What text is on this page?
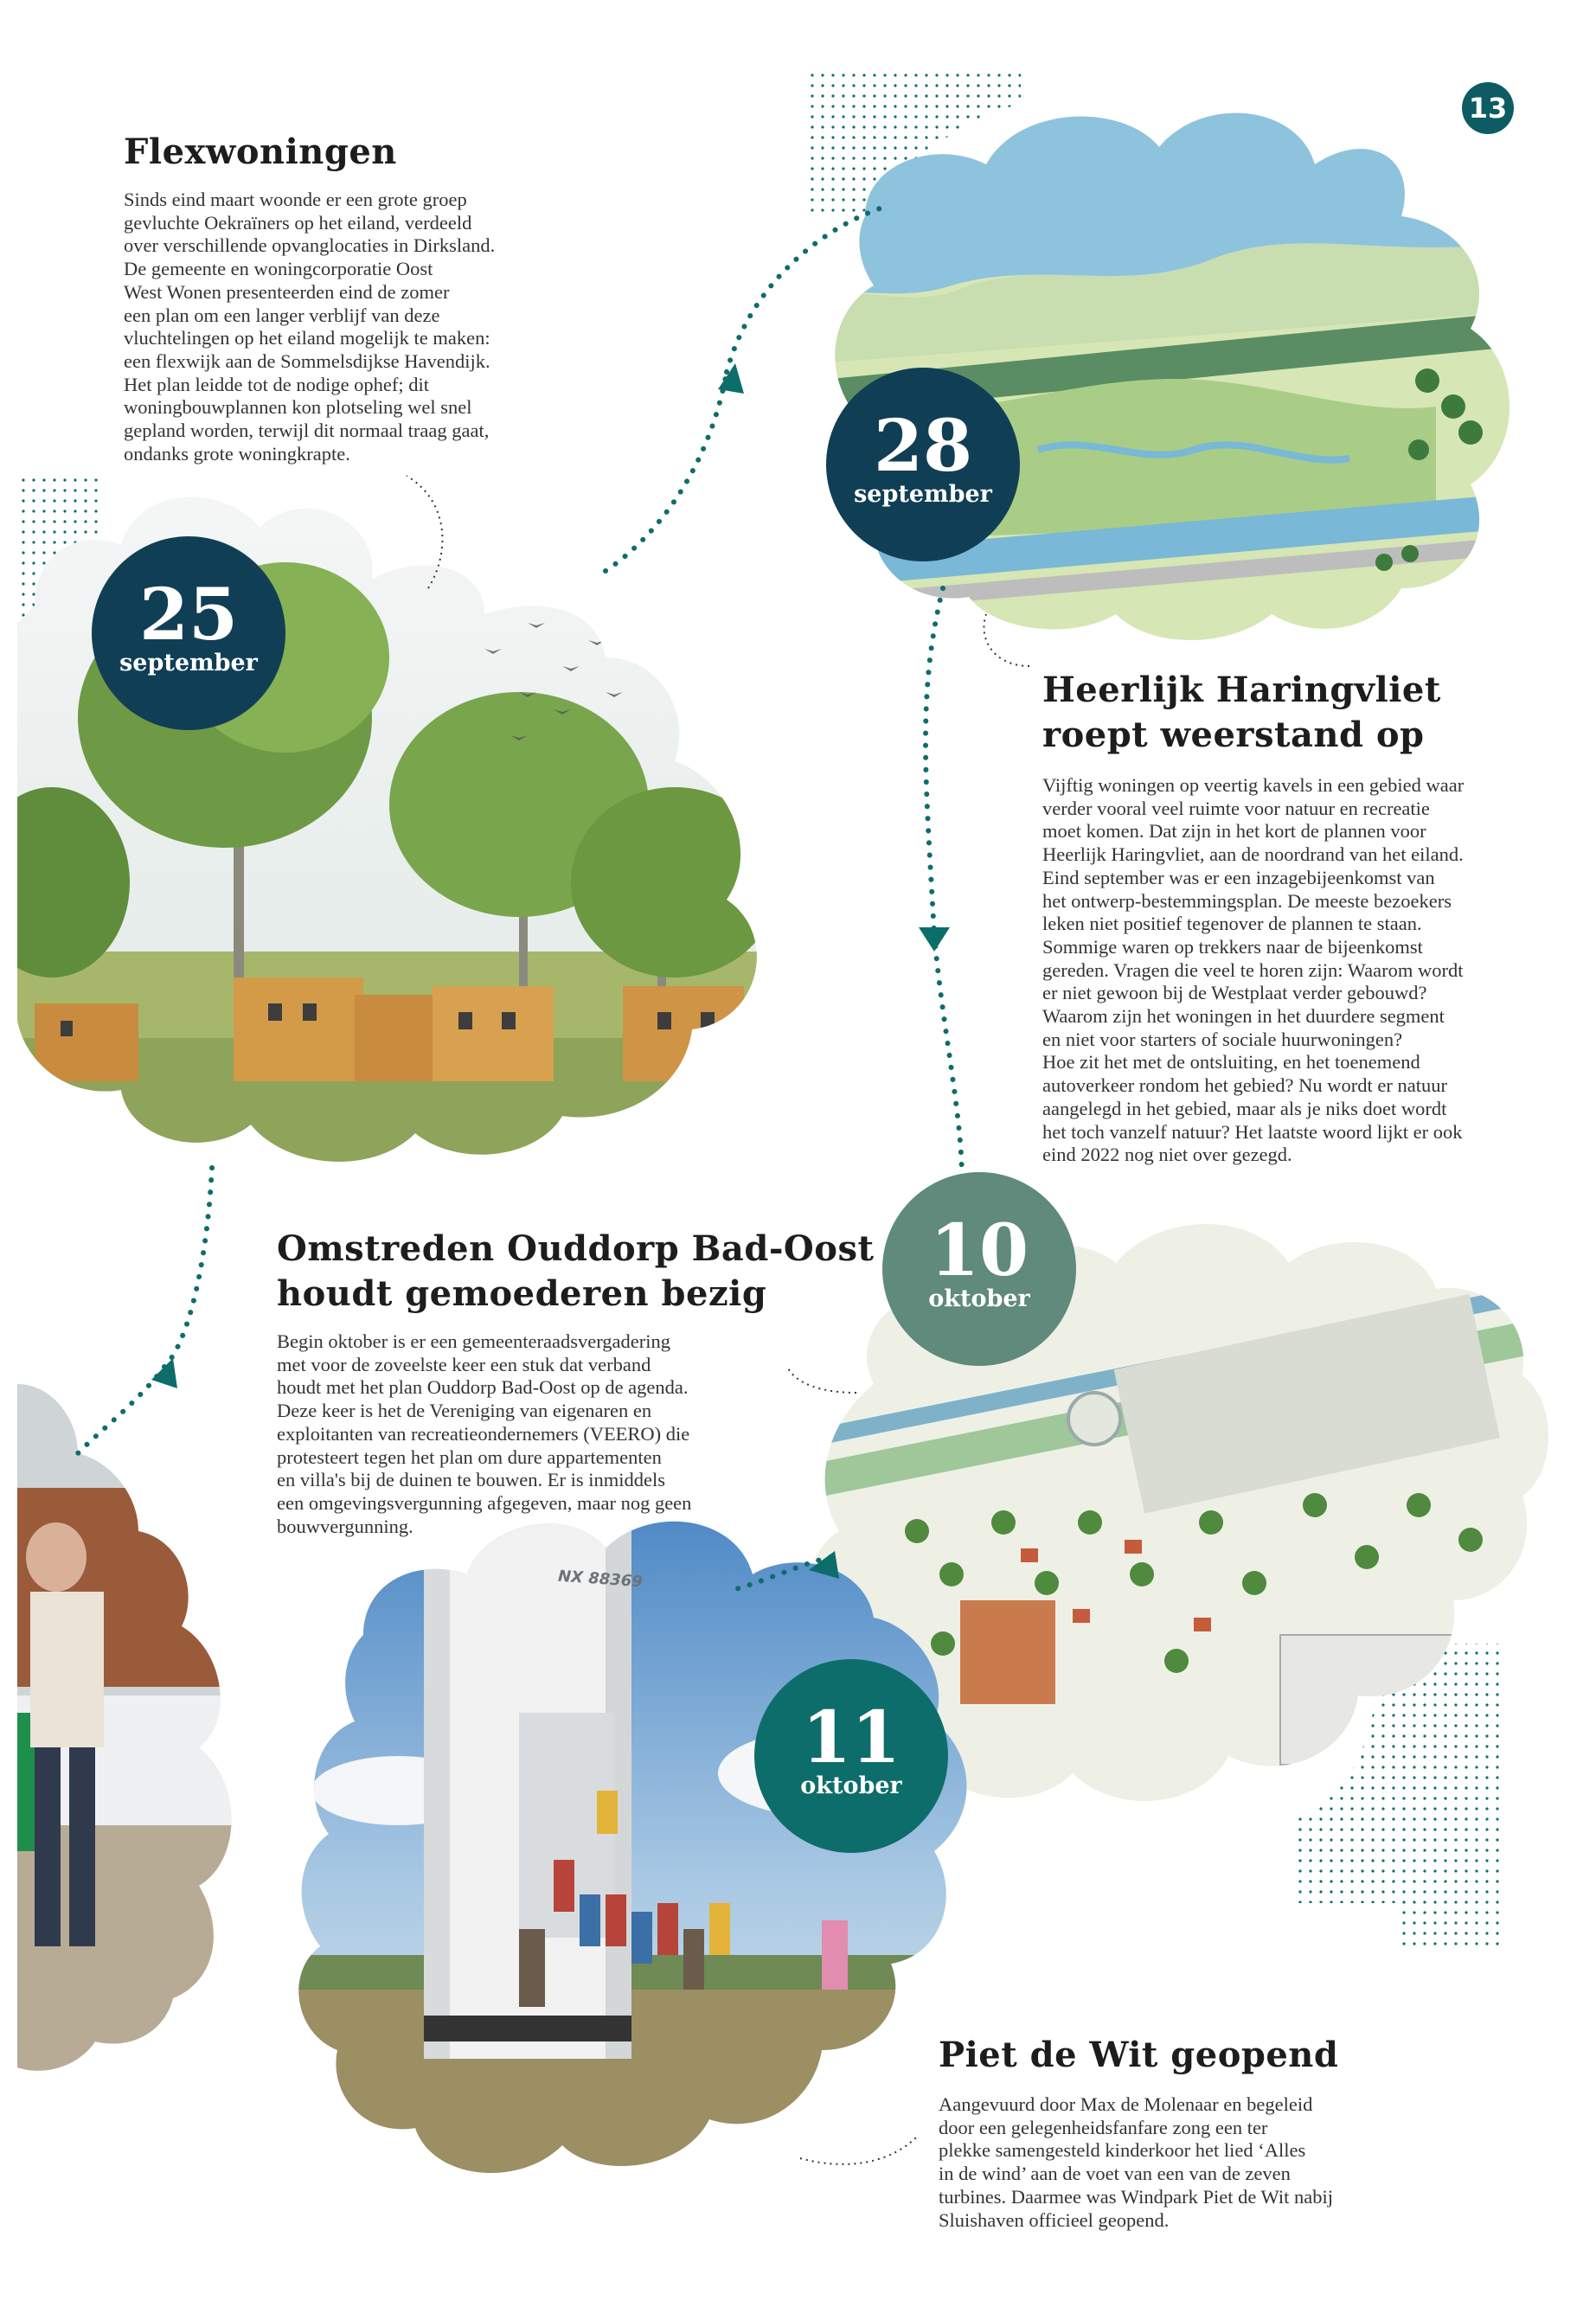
13
Flexwoningen
Sinds eind maart woonde er een grote groep
gevluchte Oekraïners op het eiland, verdeeld
over verschillende opvanglocaties in Dirksland.
De gemeente en woningcorporatie Oost
West Wonen presenteerden eind de zomer
een plan om een langer verblijf van deze
vluchtelingen op het eiland mogelijk te maken:
een flexwijk aan de Sommelsdijkse Havendijk.
Het plan leidde tot de nodige ophef; dit
woningbouwplannen kon plotseling wel snel
gepland worden, terwijl dit normaal traag gaat,
ondanks grote woningkrapte.
25
september
28
september
Heerlijk Haringvliet
roept weerstand op
Vijftig woningen op veertig kavels in een gebied waar
verder vooral veel ruimte voor natuur en recreatie
moet komen. Dat zijn in het kort de plannen voor
Heerlijk Haringvliet, aan de noordrand van het eiland.
Eind september was er een inzagebijeenkomst van
het ontwerp-bestemmingsplan. De meeste bezoekers
leken niet positief tegenover de plannen te staan.
Sommige waren op trekkers naar de bijeenkomst
gereden. Vragen die veel te horen zijn: Waarom wordt
er niet gewoon bij de Westplaat verder gebouwd?
Waarom zijn het woningen in het duurdere segment
en niet voor starters of sociale huurwoningen?
Hoe zit het met de ontsluiting, en het toenemend
autoverkeer rondom het gebied? Nu wordt er natuur
aangelegd in het gebied, maar als je niks doet wordt
het toch vanzelf natuur? Het laatste woord lijkt er ook
eind 2022 nog niet over gezegd.
Omstreden Ouddorp Bad-Oost
houdt gemoederen bezig
Begin oktober is er een gemeenteraadsvergadering
met voor de zoveelste keer een stuk dat verband
houdt met het plan Ouddorp Bad-Oost op de agenda.
Deze keer is het de Vereniging van eigenaren en
exploitanten van recreatieondernemers (VEERO) die
protesteert tegen het plan om dure appartementen
en villa's bij de duinen te bouwen. Er is inmiddels
een omgevingsvergunning afgegeven, maar nog geen
bouwvergunning.
10
oktober
11
oktober
NX 88369
Piet de Wit geopend
Aangevuurd door Max de Molenaar en begeleid
door een gelegenheidsfanfare zong een ter
plekke samengesteld kinderkoor het lied ‘Alles
in de wind’ aan de voet van een van de zeven
turbines. Daarmee was Windpark Piet de Wit nabij
Sluishaven officieel geopend.
